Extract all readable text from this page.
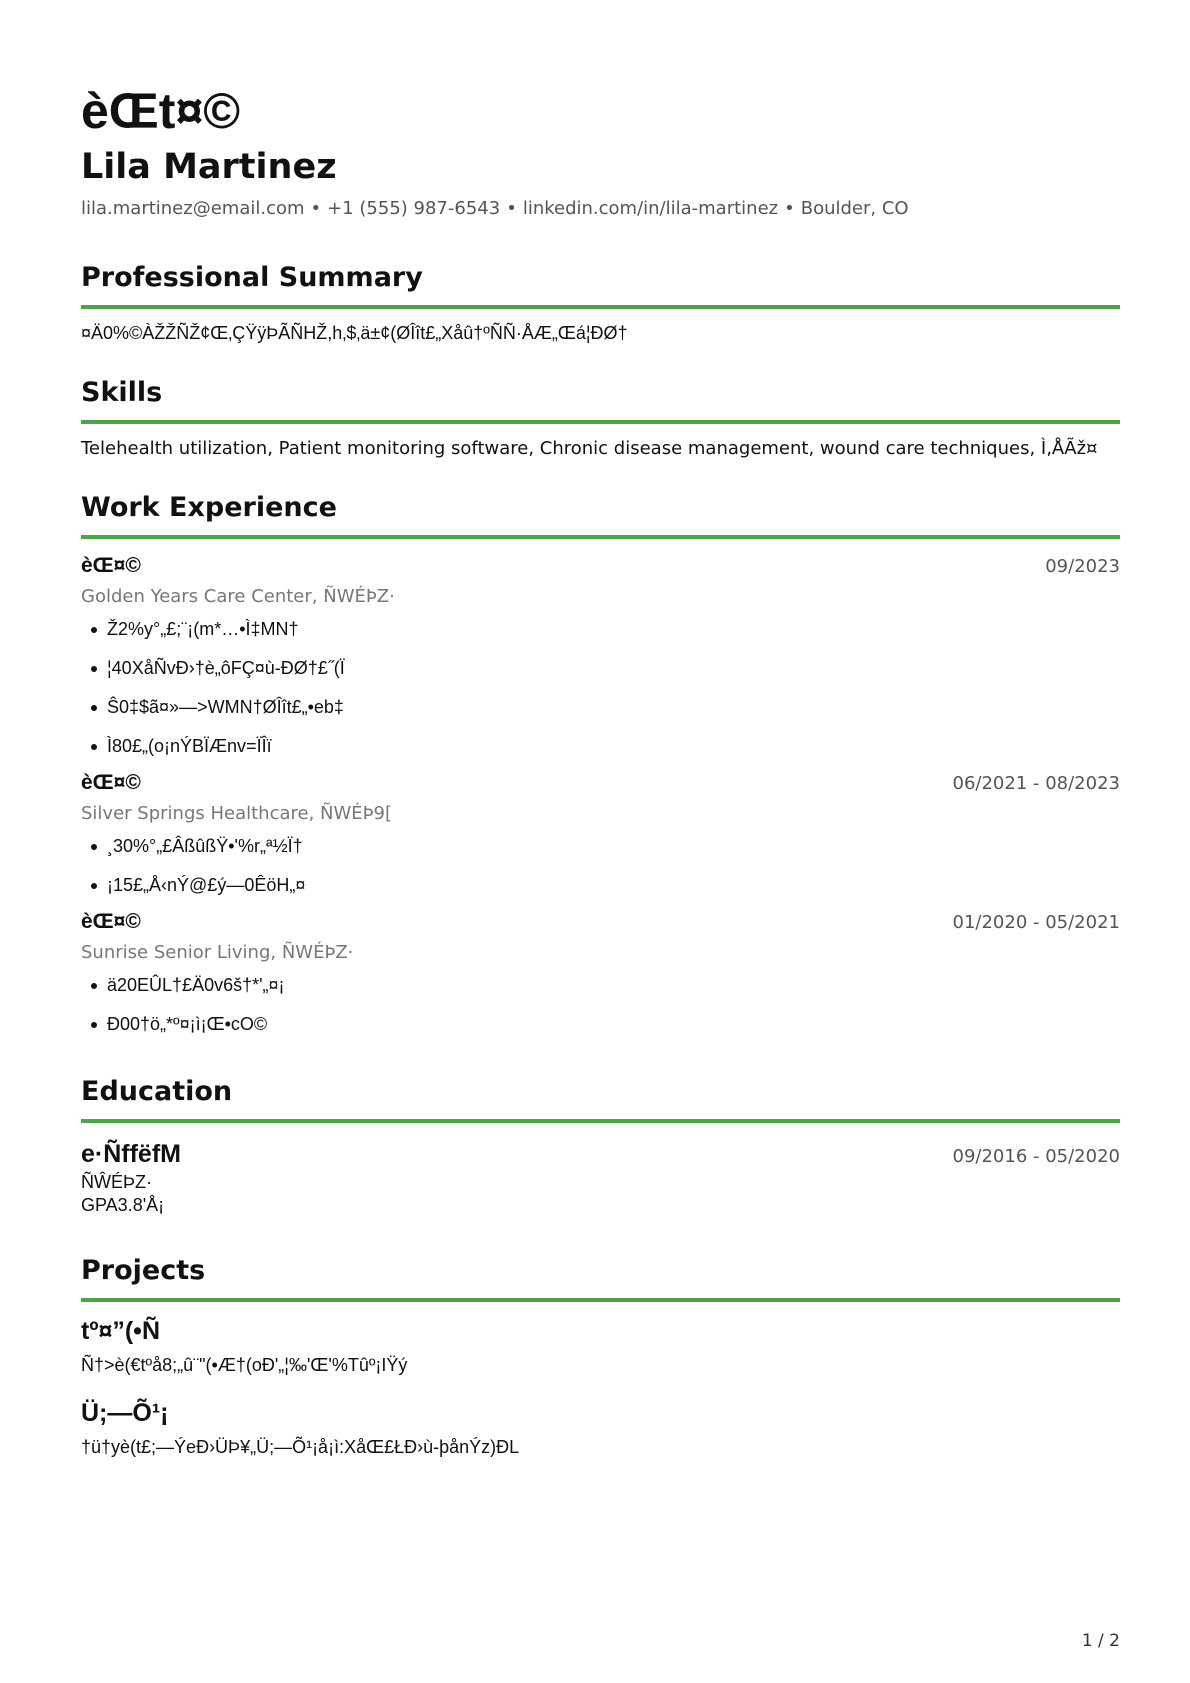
èŒt¤©
Lila Martinez
lila.martinez@email.com • +1 (555) 987-6543 • linkedin.com/in/lila-martinez • Boulder, CO
Professional Summary
¤Ä0%©ÀŽŽÑŽ¢Œ‚ÇŸÿÞÃÑHŽ,h‚$‚ä±¢(ØÎît£„Xåû†ºÑÑ·ÅÆ„Œá¦ÐØ†
Skills
Telehealth utilization, Patient monitoring software, Chronic disease management, wound care techniques, Ì‚ÅÃž¤
Work Experience
èŒ¤©	09/2023
Golden Years Care Center, ÑWÉÞZ·
Ž2%y°„£;¨¡(m*…•Ì‡MN†
¦40XåÑvÐ›†è„ôFÇ¤ù-ÐØ†£˝(Ï
Ŝ0‡$ã¤»—>WMN†ØÎît£„•eb‡
Ì80£„(o¡nÝBÏÆnv=ÏÎï
èŒ¤©	06/2021 - 08/2023
Silver Springs Healthcare, ÑWÉÞ9[
¸30%°„£ÂßûßŸ•'%r„ª½Ï†
¡15£„Å‹nÝ@£ý—0ÊöH„¤
èŒ¤©	01/2020 - 05/2021
Sunrise Senior Living, ÑWÉÞZ·
ä20EÛL†£Ä0v6š†*'„¤¡
Ð00†ö„*º¤¡ì¡Œ•cO©
Education
e·ÑffëfM	09/2016 - 05/2020
ÑŴÉÞZ·
GPA3.8'Å¡
Projects
tº¤”(•Ñ
Ñ†>è(€tºå8;„û¨"(•Æ†(oÐ'„¦‰'Œ'%Tûº¡IŸý
Ü;—Õ¹¡
†ü†yè(t£;—ÝeÐ›ÜÞ¥„Ü;—Õ¹¡å¡ì:XåŒ£ŁÐ›ù-þånÝz)ÐL
1 / 2
